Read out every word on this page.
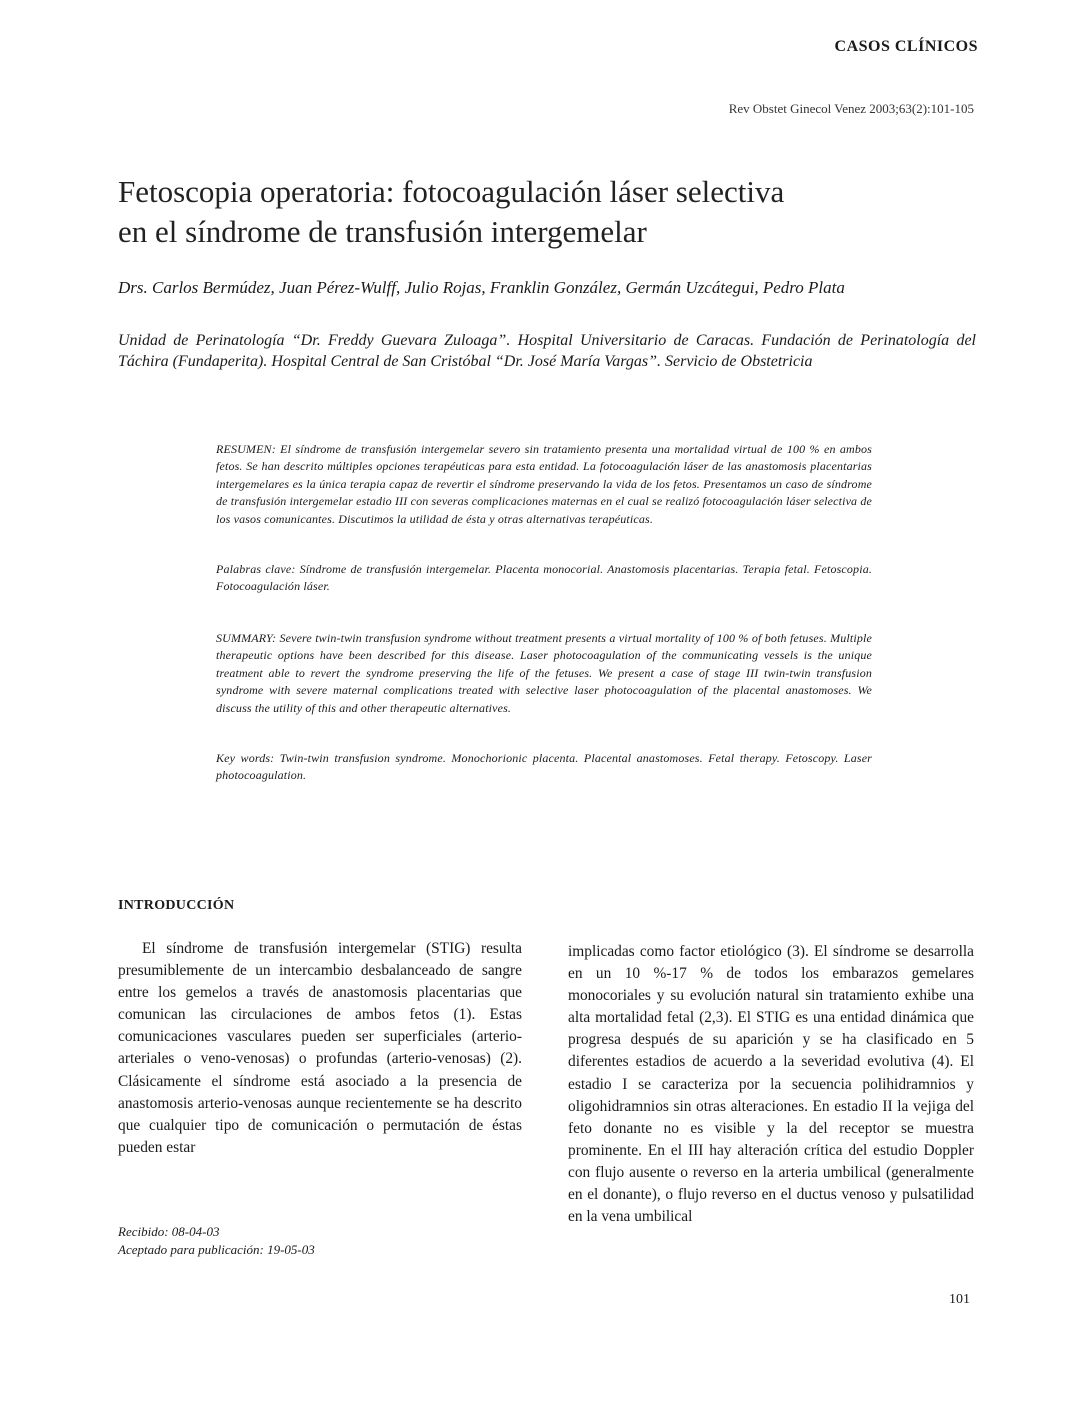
CASOS CLÍNICOS
Rev Obstet Ginecol Venez 2003;63(2):101-105
Fetoscopia operatoria: fotocoagulación láser selectiva
en el síndrome de transfusión intergemelar
Drs. Carlos Bermúdez, Juan Pérez-Wulff, Julio Rojas, Franklin González, Germán Uzcátegui, Pedro Plata
Unidad de Perinatología “Dr. Freddy Guevara Zuloaga”. Hospital Universitario de Caracas. Fundación de Perinatología del Táchira (Fundaperita). Hospital Central de San Cristóbal “Dr. José María Vargas”. Servicio de Obstetricia
RESUMEN: El síndrome de transfusión intergemelar severo sin tratamiento presenta una mortalidad virtual de 100 % en ambos fetos. Se han descrito múltiples opciones terapéuticas para esta entidad. La fotocoagulación láser de las anastomosis placentarias intergemelares es la única terapia capaz de revertir el síndrome preservando la vida de los fetos. Presentamos un caso de síndrome de transfusión intergemelar estadio III con severas complicaciones maternas en el cual se realizó fotocoagulación láser selectiva de los vasos comunicantes. Discutimos la utilidad de ésta y otras alternativas terapéuticas.
Palabras clave: Síndrome de transfusión intergemelar. Placenta monocorial. Anastomosis placentarias. Terapia fetal. Fetoscopia. Fotocoagulación láser.
SUMMARY: Severe twin-twin transfusion syndrome without treatment presents a virtual mortality of 100 % of both fetuses. Multiple therapeutic options have been described for this disease. Laser photocoagulation of the communicating vessels is the unique treatment able to revert the syndrome preserving the life of the fetuses. We present a case of stage III twin-twin transfusion syndrome with severe maternal complications treated with selective laser photocoagulation of the placental anastomoses. We discuss the utility of this and other therapeutic alternatives.
Key words: Twin-twin transfusion syndrome. Monochorionic placenta. Placental anastomoses. Fetal therapy. Fetoscopy. Laser photocoagulation.
INTRODUCCIÓN

El síndrome de transfusión intergemelar (STIG) resulta presumiblemente de un intercambio desbalanceado de sangre entre los gemelos a través de anastomosis placentarias que comunican las circulaciones de ambos fetos (1). Estas comunicaciones vasculares pueden ser superficiales (arterio-arteriales o veno-venosas) o profundas (arterio-venosas) (2). Clásicamente el síndrome está asociado a la presencia de anastomosis arterio-venosas aunque recientemente se ha descrito que cualquier tipo de comunicación o permutación de éstas pueden estar

implicadas como factor etiológico (3). El síndrome se desarrolla en un 10 %-17 % de todos los embarazos gemelares monocoriales y su evolución natural sin tratamiento exhibe una alta mortalidad fetal (2,3). El STIG es una entidad dinámica que progresa después de su aparición y se ha clasificado en 5 diferentes estadios de acuerdo a la severidad evolutiva (4). El estadio I se caracteriza por la secuencia polihidramnios y oligohidramnios sin otras alteraciones. En estadio II la vejiga del feto donante no es visible y la del receptor se muestra prominente. En el III hay alteración crítica del estudio Doppler con flujo ausente o reverso en la arteria umbilical (generalmente en el donante), o flujo reverso en el ductus venoso y pulsatilidad en la vena umbilical

Recibido: 08-04-03
Aceptado para publicación: 19-05-03
101
